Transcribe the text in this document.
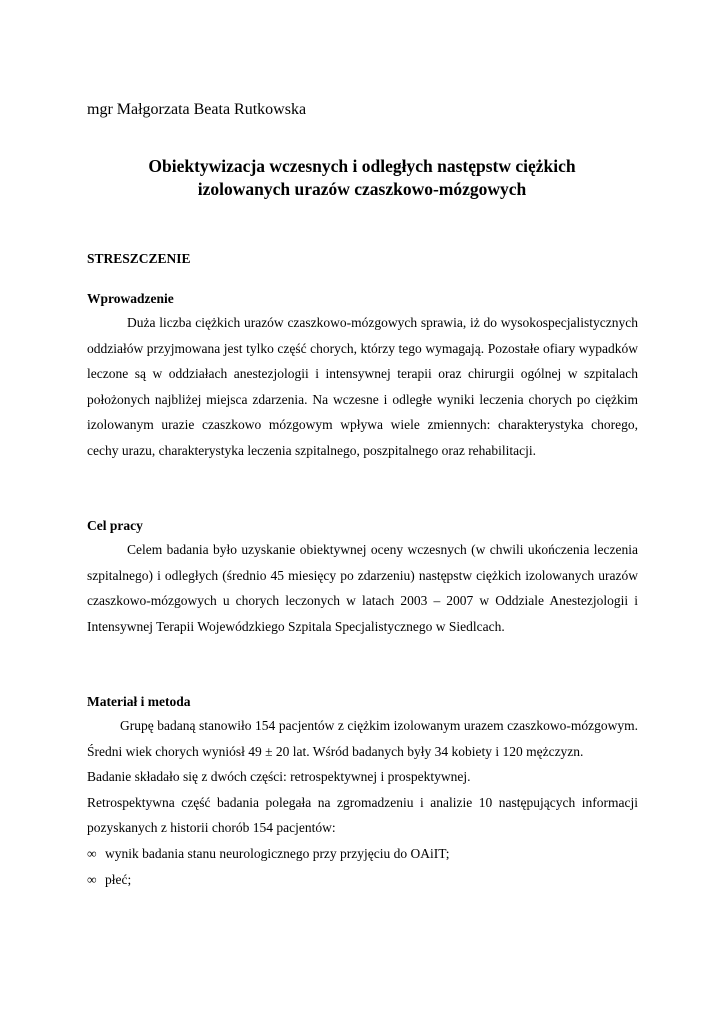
mgr Małgorzata Beata Rutkowska
Obiektywizacja wczesnych i odległych następstw ciężkich
izolowanych urazów czaszkowo-mózgowych
STRESZCZENIE
Wprowadzenie

Duża liczba ciężkich urazów czaszkowo-mózgowych sprawia, iż do wysokospecjalistycznych oddziałów przyjmowana jest tylko część chorych, którzy tego wymagają. Pozostałe ofiary wypadków leczone są w oddziałach anestezjologii i intensywnej terapii oraz chirurgii ogólnej w szpitalach położonych najbliżej miejsca zdarzenia. Na wczesne i odległe wyniki leczenia chorych po ciężkim izolowanym urazie czaszkowo mózgowym wpływa wiele zmiennych: charakterystyka chorego, cechy urazu, charakterystyka leczenia szpitalnego, poszpitalnego oraz rehabilitacji.

Cel pracy

Celem badania było uzyskanie obiektywnej oceny wczesnych (w chwili ukończenia leczenia szpitalnego) i odległych (średnio 45 miesięcy po zdarzeniu) następstw ciężkich izolowanych urazów czaszkowo-mózgowych u chorych leczonych w latach 2003 – 2007 w Oddziale Anestezjologii i Intensywnej Terapii Wojewódzkiego Szpitala Specjalistycznego w Siedlcach.

Materiał i metoda

Grupę badaną stanowiło 154 pacjentów z ciężkim izolowanym urazem czaszkowo-mózgowym. Średni wiek chorych wyniósł 49 ± 20 lat. Wśród badanych były 34 kobiety i 120 mężczyzn.

Badanie składało się z dwóch części: retrospektywnej i prospektywnej.

Retrospektywna część badania polegała na zgromadzeniu i analizie 10 następujących informacji pozyskanych z historii chorób 154 pacjentów:

∞ wynik badania stanu neurologicznego przy przyjęciu do OAiIT;

∞ płeć;
